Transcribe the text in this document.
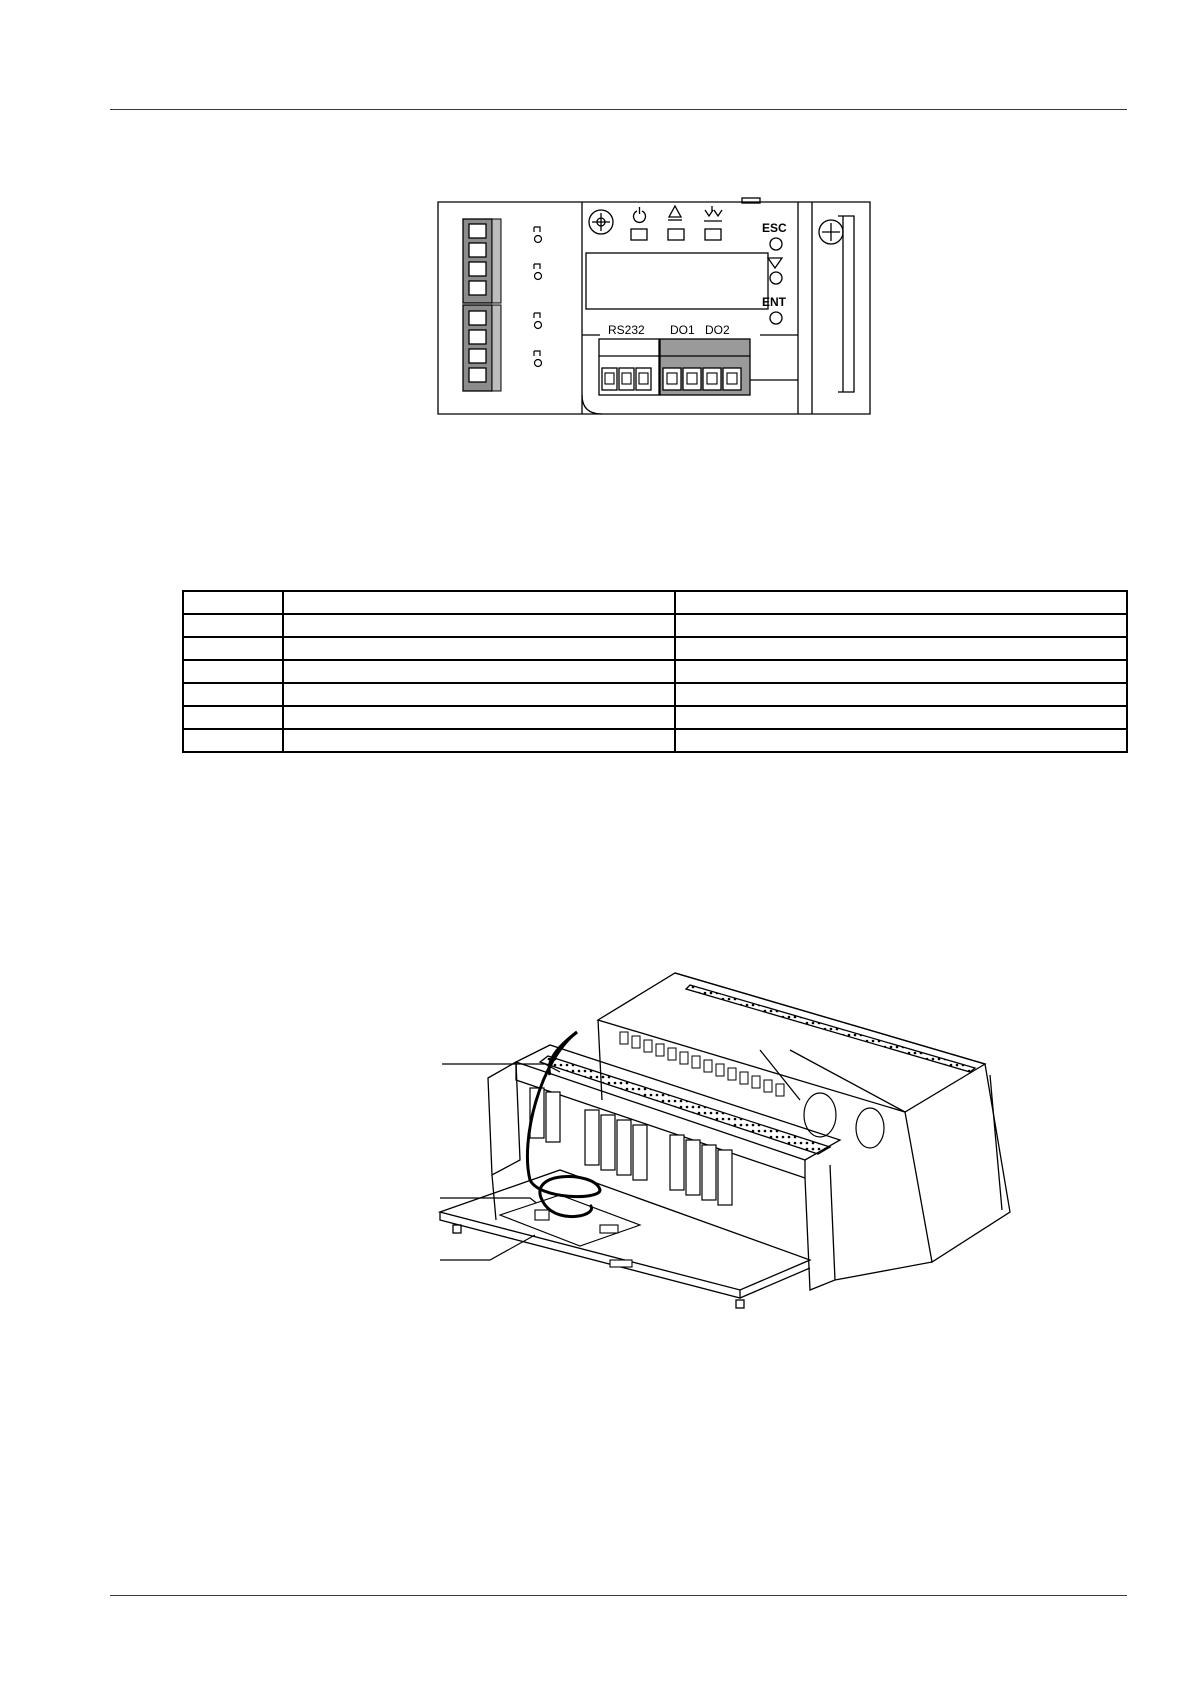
ESC
ENT
RS232 DO1 DO2
